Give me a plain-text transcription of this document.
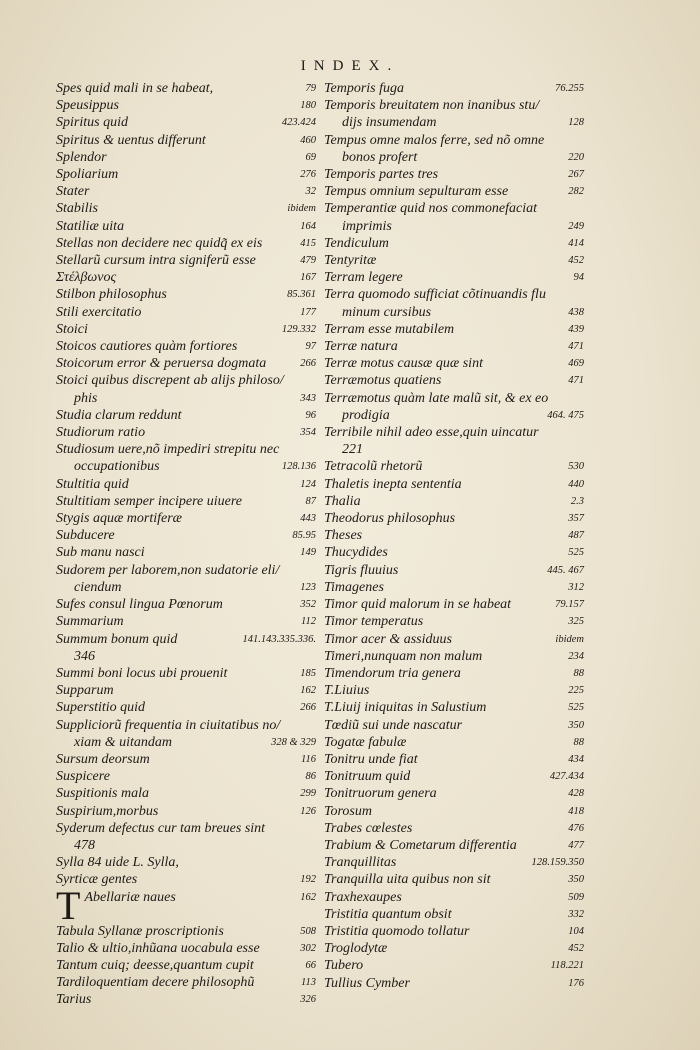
INDEX.
79
Spes quid mali in se habeat,
180
Speusippus
423.424
Spiritus quid
460
Spiritus & uentus differunt
69
Splendor
276
Spoliarium
32
Stater
ibidem
Stabilis
164
Statiliæ uita
415
Stellas non decidere nec quidq̃ ex eis
479
Stellarũ cursum intra signiferũ esse
167
Στέλβωνος
85.361
Stilbon philosophus
177
Stili exercitatio
129.332
Stoici
97
Stoicos cautiores quàm fortiores
266
Stoicorum error & peruersa dogmata
Stoici quibus discrepent ab alijs philoso/
343
phis
96
Studia clarum reddunt
354
Studiorum ratio
Studiosum uere,nõ impediri strepitu nec
128.136
occupationibus
124
Stultitia quid
87
Stultitiam semper incipere uiuere
443
Stygis aquæ mortiferæ
85.95
Subducere
149
Sub manu nasci
Sudorem per laborem,non sudatorie eli/
123
ciendum
352
Sufes consul lingua Pœnorum
112
Summarium
141.143.335.336.
Summum bonum quid
346
185
Summi boni locus ubi prouenit
162
Supparum
266
Superstitio quid
Suppliciorũ frequentia in ciuitatibus no/
328 & 329
xiam & uitandam
116
Sursum deorsum
86
Suspicere
299
Suspitionis mala
126
Suspirium,morbus
Syderum defectus cur tam breues sint
478
Sylla 84 uide L. Sylla,
192
Syrticæ gentes
T	162
Abellariæ naues
508
Tabula Syllanæ proscriptionis
302
Talio & ultio,inhũana uocabula esse
66
Tantum cuiq; deesse,quantum cupit
113
Tardiloquentiam decere philosophũ
326
Tarius
76.255
Temporis fuga
Temporis breuitatem non inanibus stu/
128
dijs insumendam
Tempus omne malos ferre, sed nõ omne
220
bonos profert
267
Temporis partes tres
282
Tempus omnium sepulturam esse
Temperantiæ quid nos commonefaciat
249
imprimis
414
Tendiculum
452
Tentyritæ
94
Terram legere
Terra quomodo sufficiat cõtinuandis flu
438
minum cursibus
439
Terram esse mutabilem
471
Terræ natura
469
Terræ motus causæ quæ sint
471
Terræmotus quatiens
Terræmotus quàm late malũ sit, & ex eo
464. 475
prodigia
Terribile nihil adeo esse,quin uincatur
221
530
Tetracolũ rhetorũ
440
Thaletis inepta sententia
2.3
Thalia
357
Theodorus philosophus
487
Theses
525
Thucydides
445. 467
Tigris fluuius
312
Timagenes
79.157
Timor quid malorum in se habeat
325
Timor temperatus
ibidem
Timor acer & assiduus
234
Timeri,nunquam non malum
88
Timendorum tria genera
225
T.Liuius
525
T.Liuij iniquitas in Salustium
350
Tœdiũ sui unde nascatur
88
Togatæ fabulæ
434
Tonitru unde fiat
427.434
Tonitruum quid
428
Tonitruorum genera
418
Torosum
476
Trabes cœlestes
477
Trabium & Cometarum differentia
128.159.350
Tranquillitas
350
Tranquilla uita quibus non sit
509
Traxhexaupes
332
Tristitia quantum obsit
104
Tristitia quomodo tollatur
452
Troglodytæ
118.221
Tubero
176
Tullius Cymber
